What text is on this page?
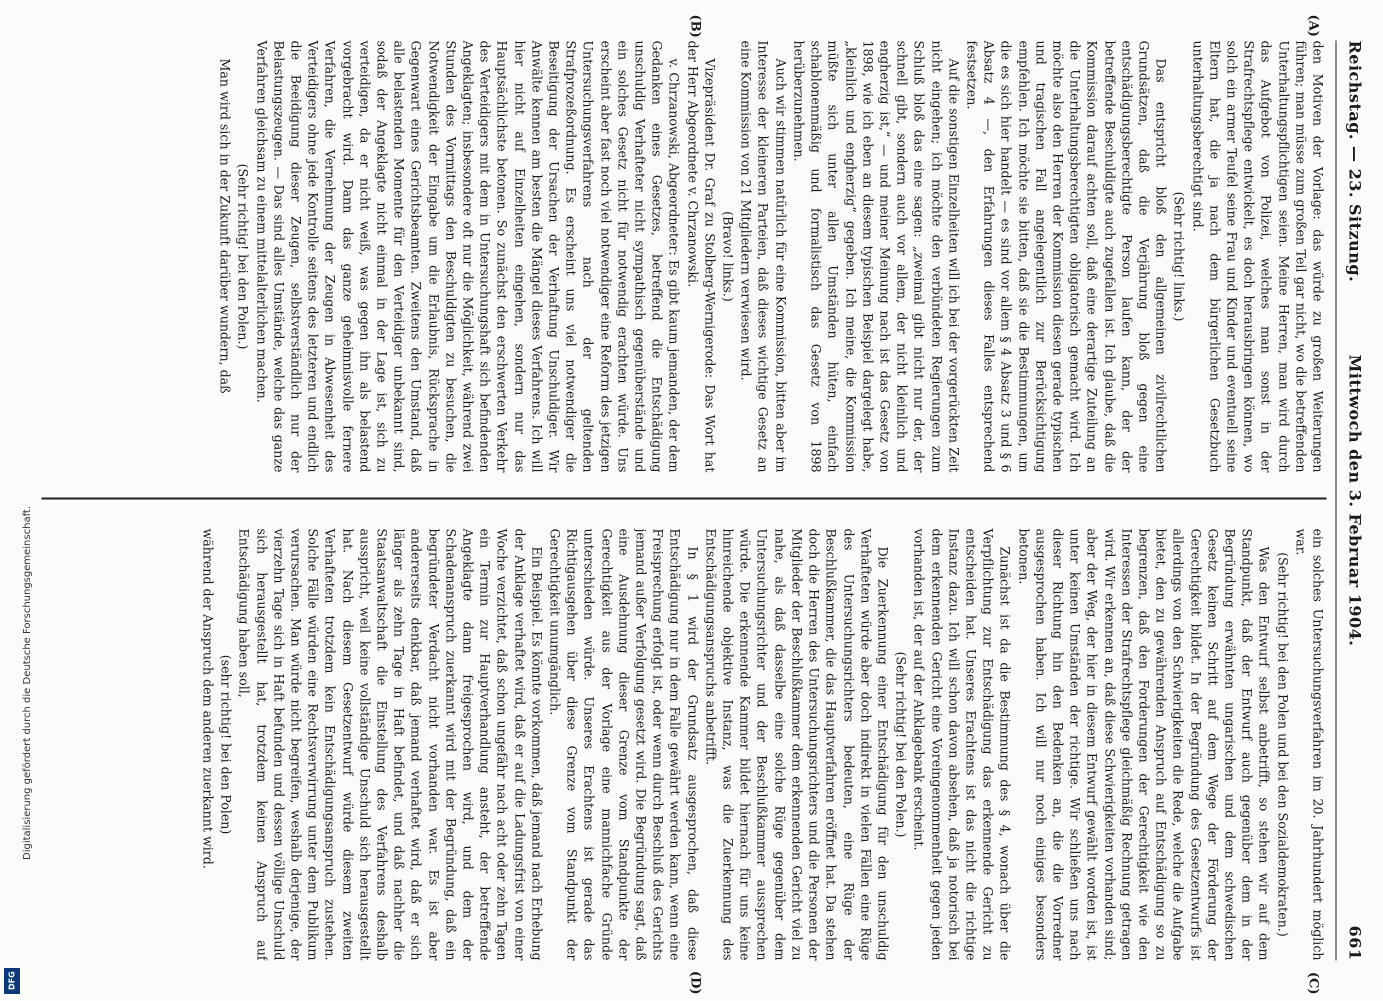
Reichstag. — 23. Sitzung.
Mittwoch den 3. Februar 1904.
661
(A)
(B)
(C)
(D)

den Motiven der Vorlage: das würde zu großen Weiterungen führen; man müsse zum großen Teil gar nicht, wo die betreffenden Unterhaltungspflichtigen seien. Meine Herren, man wird durch das Aufgebot von Polizei, welches man sonst in der Strafrechtspflege entwickelt, es doch herausbringen können, wo solch ein armer Teufel seine Frau und Kinder und eventuell seine Eltern hat, die ja nach dem bürgerlichen Gesetzbuch unterhaltungsberechtigt sind.

(Sehr richtig! links.)

Das entspricht bloß den allgemeinen zivilrechtlichen Grundsätzen, daß die Verjährung bloß gegen eine entschädigungsberechtigte Person laufen kann, der der betreffende Beschuldigte auch zugefallen ist. Ich glaube, daß die Kommission darauf achten soll, daß eine derartige Zuteilung an die Unterhaltungsberechtigten obligatorisch gemacht wird. Ich möchte also den Herren der Kommission diesen gerade typischen und tragischen Fall angelegentlich zur Berücksichtigung empfehlen. Ich möchte sie bitten, daß sie die Bestimmungen, um die es sich hier handelt — es sind vor allem § 4 Absatz 3 und § 6 Absatz 4 —, den Erfahrungen dieses Falles entsprechend festsetzen.

Auf die sonstigen Einzelheiten will ich bei der vorgerückten Zeit nicht eingehen; ich möchte den verbündeten Regierungen zum Schluß bloß das eine sagen: „zweimal gibt nicht nur der, der schnell gibt, sondern auch vor allem, der nicht kleinlich und engherzig ist,“ — und meiner Meinung nach ist das Gesetz von 1898, wie ich eben an diesem typischen Beispiel dargelegt habe, „kleinlich und engherzig“ gegeben. Ich meine, die Kommission müßte sich unter allen Umständen hüten, einfach schablonenmäßig und formalistisch das Gesetz von 1898 herüberzunehmen.

Auch wir stimmen natürlich für eine Kommission, bitten aber im Interesse der kleineren Parteien, daß dieses wichtige Gesetz an eine Kommission von 21 Mitgliedern verwiesen wird.

(Bravo! links.)

Vizepräsident Dr. Graf zu Stolberg-Wernigerode: Das Wort hat der Herr Abgeordnete v. Chrzanowski.

v. Chrzanowski, Abgeordneter: Es gibt kaum jemanden, der dem Gedanken eines Gesetzes, betreffend die Entschädigung unschuldig Verhafteter nicht sympathisch gegenüberstände und ein solches Gesetz nicht für notwendig erachten würde. Uns erscheint aber fast noch viel notwendiger eine Reform des jetzigen Untersuchungsverfahrens nach der geltenden Strafprozeßordnung. Es erscheint uns viel notwendiger die Beseitigung der Ursachen der Verhaftung Unschuldiger. Wir Anwälte kennen am besten die Mängel dieses Verfahrens. Ich will hier nicht auf Einzelheiten eingehen, sondern nur das Hauptsächlichste betonen. So zunächst den erschwerten Verkehr des Verteidigers mit dem in Untersuchungshaft sich befindenden Angeklagten; insbesondere oft nur die Möglichkeit, während zwei Stunden des Vormittags den Beschuldigten zu besuchen, die Notwendigkeit der Eingabe um die Erlaubnis, Rücksprache in Gegenwart eines Gerichtsbeamten. Zweitens den Umstand, daß alle belastenden Momente für den Verteidiger unbekannt sind, sodaß der Angeklagte nicht einmal in der Lage ist, sich zu verteidigen, da er nicht weiß, was gegen ihn als belastend vorgebracht wird. Dann das ganze geheimnisvolle fernere Verfahren, die Vernehmung der Zeugen in Abwesenheit des Verteidigers ohne jede Kontrolle seitens des letzteren und endlich die Beeidigung dieser Zeugen, selbstverständlich nur der Belastungszeugen. — Das sind alles Umstände, welche das ganze Verfahren gleichsam zu einem mittelalterlichen machen.

(Sehr richtig! bei den Polen.)

Man wird sich in der Zukunft darüber wundern, daß

ein solches Untersuchungsverfahren im 20. Jahrhundert möglich war.

(Sehr richtig! bei den Polen und bei den Sozialdemokraten.)

Was den Entwurf selbst anbetrifft, so stehen wir auf dem Standpunkt, daß der Entwurf auch gegenüber dem in der Begründung erwähnten ungarischen und dem schwedischen Gesetz keinen Schritt auf dem Wege der Förderung der Gerechtigkeit bildet. In der Begründung des Gesetzentwurfs ist allerdings von den Schwierigkeiten die Rede, welche die Aufgabe bietet, den zu gewährenden Anspruch auf Entschädigung so zu begrenzen, daß den Forderungen der Gerechtigkeit wie den Interessen der Strafrechtspflege gleichmäßig Rechnung getragen wird. Wir erkennen an, daß diese Schwierigkeiten vorhanden sind; aber der Weg, der hier in diesem Entwurf gewählt worden ist, ist unter keinen Umständen der richtige. Wir schließen uns nach dieser Richtung hin den Bedenken an, die die Vorredner ausgesprochen haben. Ich will nur noch einiges besonders betonen.

Zunächst ist da die Bestimmung des § 4, wonach über die Verpflichtung zur Entschädigung das erkennende Gericht zu entscheiden hat. Unseres Erachtens ist das nicht die richtige Instanz dazu. Ich will schon davon absehen, daß ja notorisch bei dem erkennenden Gericht eine Voreingenommenheit gegen jeden vorhanden ist, der auf der Anklagebank erscheint.

(Sehr richtig! bei den Polen.)

Die Zuerkennung einer Entschädigung für den unschuldig Verhafteten würde aber doch indirekt in vielen Fällen eine Rüge des Untersuchungsrichters bedeuten, eine Rüge der Beschlußkammer, die das Hauptverfahren eröffnet hat. Da stehen doch die Herren des Untersuchungsrichters und die Personen der Mitglieder der Beschlußkammer dem erkennenden Gericht viel zu nahe, als daß dasselbe eine solche Rüge gegenüber dem Untersuchungsrichter und der Beschlußkammer aussprechen würde. Die erkennende Kammer bildet hiernach für uns keine hinreichende objektive Instanz, was die Zuerkennung des Entschädigungsanspruchs anbetrifft.

In § 1 wird der Grundsatz ausgesprochen, daß diese Entschädigung nur in dem Falle gewährt werden kann, wenn eine Freisprechung erfolgt ist, oder wenn durch Beschluß des Gerichts jemand außer Verfolgung gesetzt wird. Die Begründung sagt, daß eine Ausdehnung dieser Grenze vom Standpunkte der Gerechtigkeit aus der Vorlage eine mannichfache Gründe unterschieden würde. Unseres Erachtens ist gerade das Richtigausgehen über diese Grenze vom Standpunkt der Gerechtigkeit unumgänglich.

Ein Beispiel. Es könnte vorkommen, daß jemand nach Erhebung der Anklage verhaftet wird, daß er auf die Ladungsfrist von einer Woche verzichtet, daß schon ungefähr nach acht oder zehn Tagen ein Termin zur Hauptverhandlung ansteht, der betreffende Angeklagte dann freigesprochen wird, und dem der Schadenanspruch zuerkannt wird mit der Begründung, daß ein begründeter Verdacht nicht vorhanden war. Es ist aber andererseits denkbar, daß jemand verhaftet wird, daß er sich länger als zehn Tage in Haft befindet, und daß nachher die Staatsanwaltschaft die Einstellung des Verfahrens deshalb ausspricht, weil keine vollständige Unschuld sich herausgestellt hat. Nach diesem Gesetzentwurf würde diesem zweiten Verhafteten trotzdem kein Entschädigungsanspruch zustehen. Solche Fälle würden eine Rechtsverwirrung unter dem Publikum verursachen. Man würde nicht begreifen, weshalb derjenige, der vierzehn Tage sich in Haft befunden und dessen völlige Unschuld sich herausgestellt hat, trotzdem keinen Anspruch auf Entschädigung haben soll,

(sehr richtig! bei den Polen)

während der Anspruch dem anderen zuerkannt wird.

Digitalisierung gefördert durch die Deutsche Forschungsgemeinschaft.
DFG
